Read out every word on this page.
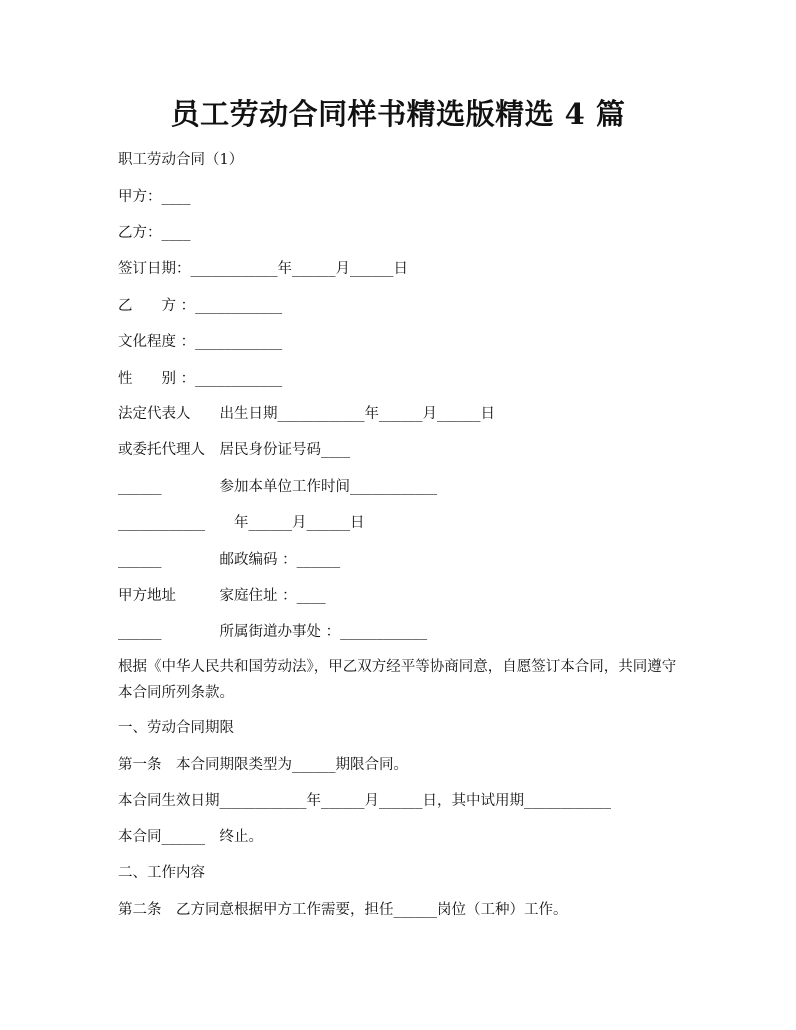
员工劳动合同样书精选版精选 4 篇
职工劳动合同（1）
甲方：____
乙方：____
签订日期：____________年______月______日
乙　　方 ：____________
文化程度 ：____________
性　　别 ：____________
法定代表人　　出生日期____________年______月______日
或委托代理人　居民身份证号码____
______　　　　参加本单位工作时间____________
____________　　年______月______日
______　　　　邮政编码 ：______
甲方地址　　　家庭住址 ：____
______　　　　所属街道办事处 ：____________
根据《中华人民共和国劳动法》，甲乙双方经平等协商同意，自愿签订本合同，共同遵守本合同所列条款。
一、劳动合同期限
第一条　本合同期限类型为______期限合同。
本合同生效日期____________年______月______日，其中试用期____________
本合同______　终止。
二、工作内容
第二条　乙方同意根据甲方工作需要，担任______岗位（工种）工作。
